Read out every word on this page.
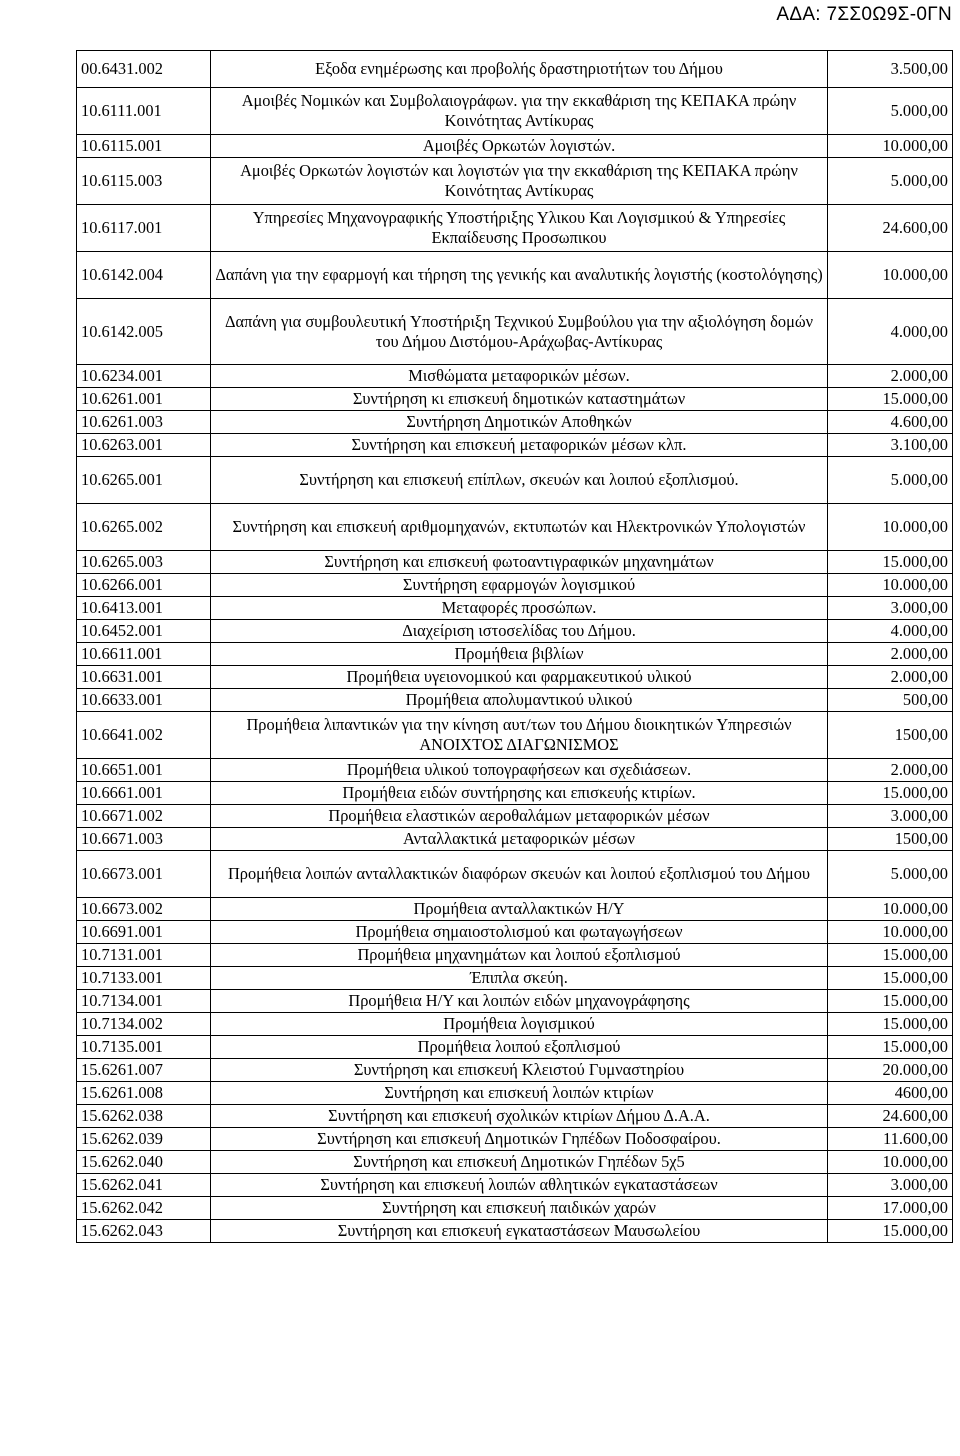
ΑΔΑ: 7ΣΣ0Ω9Σ-0ΓΝ
00.6431.002	Εξοδα ενημέρωσης και προβολής δραστηριοτήτων του Δήμου	3.500,00
10.6111.001	Αμοιβές Νομικών και Συμβολαιογράφων. για την εκκαθάριση της ΚΕΠΑΚΑ πρώην Κοινότητας Αντίκυρας	5.000,00
10.6115.001	Αμοιβές Ορκωτών λογιστών.	10.000,00
10.6115.003	Αμοιβές Ορκωτών λογιστών και λογιστών για την εκκαθάριση της ΚΕΠΑΚΑ πρώην Κοινότητας Αντίκυρας	5.000,00
10.6117.001	Υπηρεσίες Μηχανογραφικής Υποστήριξης Υλικου Και Λογισμικού & Υπηρεσίες Εκπαίδευσης Προσωπικου	24.600,00
10.6142.004	Δαπάνη για την εφαρμογή και τήρηση της γενικής και αναλυτικής λογιστής (κοστολόγησης)	10.000,00
10.6142.005	Δαπάνη για συμβουλευτική Υποστήριξη Τεχνικού Συμβούλου για την αξιολόγηση δομών του Δήμου Διστόμου-Αράχωβας-Αντίκυρας	4.000,00
10.6234.001	Μισθώματα μεταφορικών μέσων.	2.000,00
10.6261.001	Συντήρηση κι επισκευή δημοτικών καταστημάτων	15.000,00
10.6261.003	Συντήρηση Δημοτικών Αποθηκών	4.600,00
10.6263.001	Συντήρηση και επισκευή μεταφορικών μέσων κλπ.	3.100,00
10.6265.001	Συντήρηση και επισκευή επίπλων, σκευών και λοιπού εξοπλισμού.	5.000,00
10.6265.002	Συντήρηση και επισκευή αριθμομηχανών, εκτυπωτών και Ηλεκτρονικών Υπολογιστών	10.000,00
10.6265.003	Συντήρηση και επισκευή φωτοαντιγραφικών μηχανημάτων	15.000,00
10.6266.001	Συντήρηση εφαρμογών λογισμικού	10.000,00
10.6413.001	Μεταφορές προσώπων.	3.000,00
10.6452.001	Διαχείριση ιστοσελίδας του Δήμου.	4.000,00
10.6611.001	Προμήθεια βιβλίων	2.000,00
10.6631.001	Προμήθεια υγειονομικού και φαρμακευτικού υλικού	2.000,00
10.6633.001	Προμήθεια απολυμαντικού υλικού	500,00
10.6641.002	Προμήθεια λιπαντικών για την κίνηση αυτ/των του Δήμου διοικητικών Υπηρεσιών ΑΝΟΙΧΤΟΣ ΔΙΑΓΩΝΙΣΜΟΣ	1500,00
10.6651.001	Προμήθεια υλικού τοπογραφήσεων και σχεδιάσεων.	2.000,00
10.6661.001	Προμήθεια ειδών συντήρησης και επισκευής κτιρίων.	15.000,00
10.6671.002	Προμήθεια ελαστικών αεροθαλάμων μεταφορικών μέσων	3.000,00
10.6671.003	Ανταλλακτικά μεταφορικών μέσων	1500,00
10.6673.001	Προμήθεια λοιπών ανταλλακτικών διαφόρων σκευών και λοιπού εξοπλισμού του Δήμου	5.000,00
10.6673.002	Προμήθεια ανταλλακτικών Η/Υ	10.000,00
10.6691.001	Προμήθεια σημαιοστολισμού και φωταγωγήσεων	10.000,00
10.7131.001	Προμήθεια μηχανημάτων και λοιπού εξοπλισμού	15.000,00
10.7133.001	Έπιπλα σκεύη.	15.000,00
10.7134.001	Προμήθεια Η/Υ και λοιπών ειδών μηχανογράφησης	15.000,00
10.7134.002	Προμήθεια λογισμικού	15.000,00
10.7135.001	Προμήθεια λοιπού εξοπλισμού	15.000,00
15.6261.007	Συντήρηση και επισκευή Κλειστού Γυμναστηρίου	20.000,00
15.6261.008	Συντήρηση και επισκευή λοιπών κτιρίων	4600,00
15.6262.038	Συντήρηση και επισκευή σχολικών κτιρίων Δήμου Δ.Α.Α.	24.600,00
15.6262.039	Συντήρηση και επισκευή Δημοτικών Γηπέδων Ποδοσφαίρου.	11.600,00
15.6262.040	Συντήρηση και επισκευή Δημοτικών Γηπέδων 5χ5	10.000,00
15.6262.041	Συντήρηση και επισκευή λοιπών αθλητικών εγκαταστάσεων	3.000,00
15.6262.042	Συντήρηση και επισκευή παιδικών χαρών	17.000,00
15.6262.043	Συντήρηση και επισκευή εγκαταστάσεων Μαυσωλείου	15.000,00
